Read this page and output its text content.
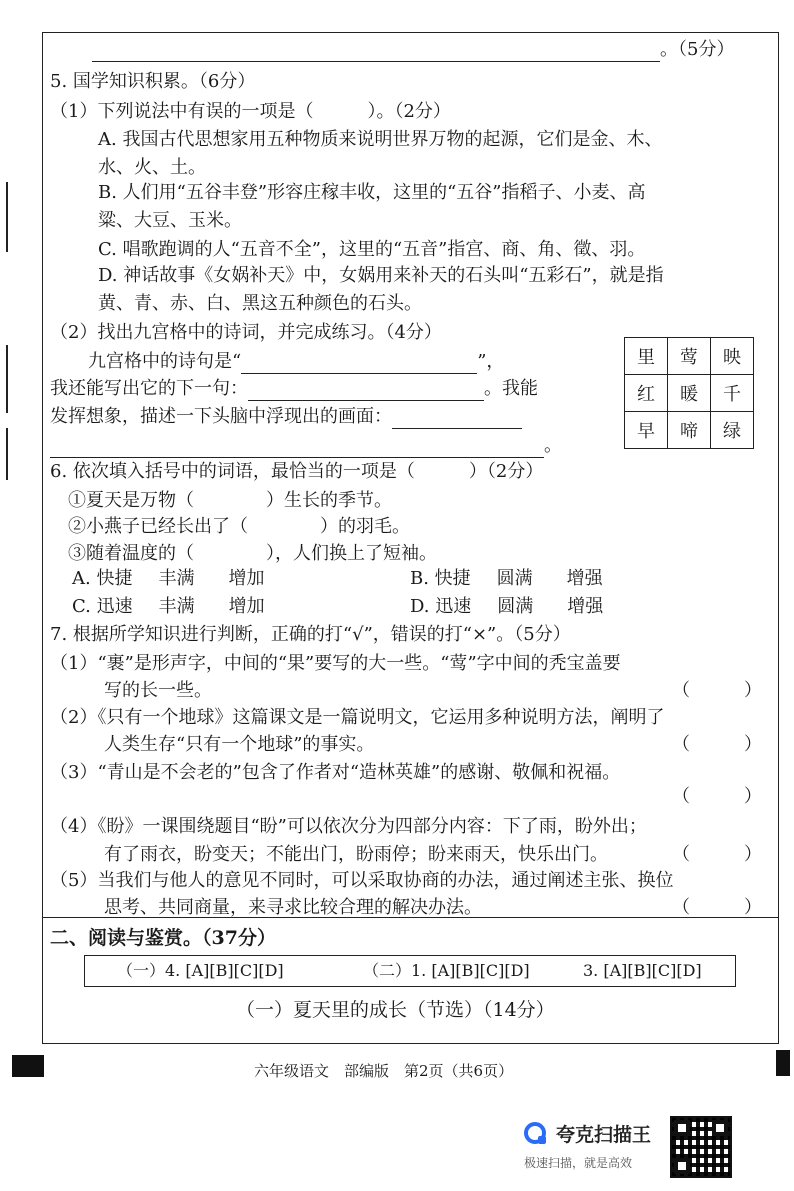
。（5分）
5. 国学知识积累。（6分）
（1）下列说法中有误的一项是（　　　）。（2分）
A. 我国古代思想家用五种物质来说明世界万物的起源，它们是金、木、
水、火、土。
B. 人们用“五谷丰登”形容庄稼丰收，这里的“五谷”指稻子、小麦、高
粱、大豆、玉米。
C. 唱歌跑调的人“五音不全”，这里的“五音”指宫、商、角、徵、羽。
D. 神话故事《女娲补天》中，女娲用来补天的石头叫“五彩石”，就是指
黄、青、赤、白、黑这五种颜色的石头。
（2）找出九宫格中的诗词，并完成练习。（4分）
九宫格中的诗句是“	”，
我还能写出它的下一句：	。我能
发挥想象，描述一下头脑中浮现出的画面：
。
里	莺	映
红	暖	千
早	啼	绿
6. 依次填入括号中的词语，最恰当的一项是（　　　）（2分）
①夏天是万物（　　　　）生长的季节。
②小燕子已经长出了（　　　　）的羽毛。
③随着温度的（　　　　），人们换上了短袖。
A. 快捷 丰满 增加	B. 快捷 圆满 增强
C. 迅速 丰满 增加	D. 迅速 圆满 增强
7. 根据所学知识进行判断，正确的打“√”，错误的打“×”。（5分）
（1）“裹”是形声字，中间的“果”要写的大一些。“莺”字中间的秃宝盖要
写的长一些。	（　　　）
（2）《只有一个地球》这篇课文是一篇说明文，它运用多种说明方法，阐明了
人类生存“只有一个地球”的事实。	（　　　）
（3）“青山是不会老的”包含了作者对“造林英雄”的感谢、敬佩和祝福。
（　　　）
（4）《盼》一课围绕题目“盼”可以依次分为四部分内容：下了雨，盼外出；
有了雨衣，盼变天；不能出门，盼雨停；盼来雨天，快乐出门。	（　　　）
（5）当我们与他人的意见不同时，可以采取协商的办法，通过阐述主张、换位
思考、共同商量，来寻求比较合理的解决办法。	（　　　）
二、阅读与鉴赏。（37分）
（一）4. [A][B][C][D]	（二）1. [A][B][C][D]	3. [A][B][C][D]
（一）夏天里的成长（节选）（14分）
六年级语文　部编版　第2页（共6页）
夸克扫描王
极速扫描，就是高效
